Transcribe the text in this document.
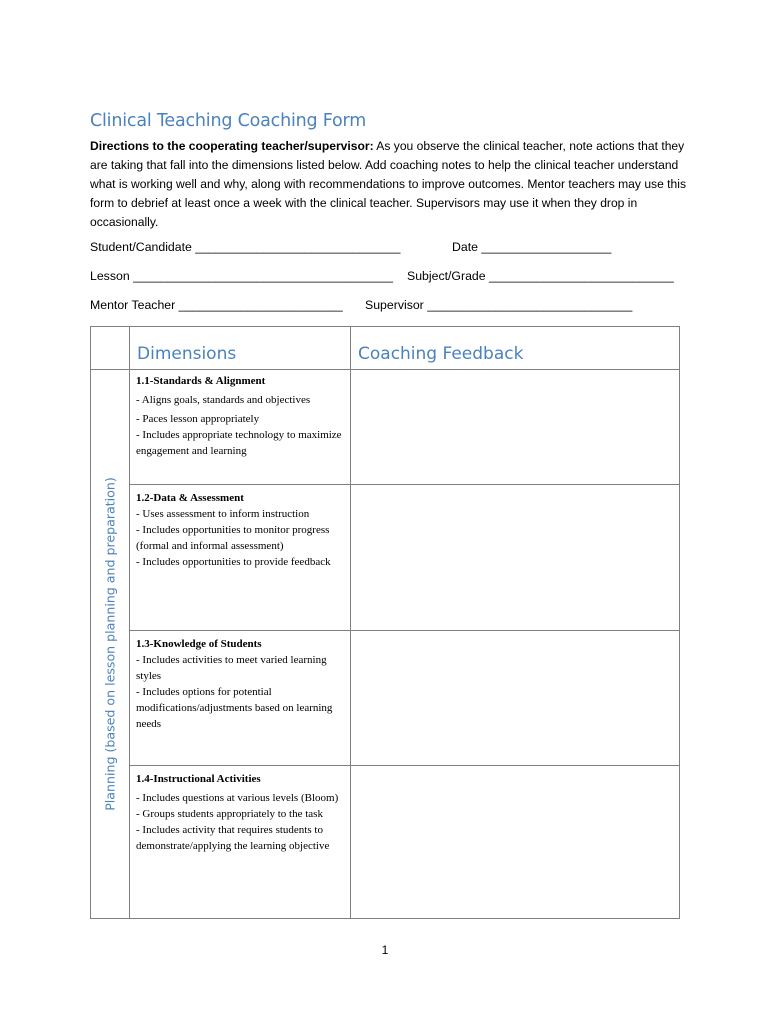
Clinical Teaching Coaching Form
Directions to the cooperating teacher/supervisor: As you observe the clinical teacher, note actions that they are taking that fall into the dimensions listed below. Add coaching notes to help the clinical teacher understand what is working well and why, along with recommendations to improve outcomes. Mentor teachers may use this form to debrief at least once a week with the clinical teacher. Supervisors may use it when they drop in occasionally.
Student/Candidate ______________________________	Date ___________________
Lesson ______________________________________ Subject/Grade ___________________________
Mentor Teacher ________________________ Supervisor ______________________________
	Dimensions	Coaching Feedback

Planning (based on lesson planning and preparation)	1.1-Standards & Alignment
- Aligns goals, standards and objectives
- Paces lesson appropriately
- Includes appropriate technology to maximize engagement and learning	

	1.2-Data & Assessment
- Uses assessment to inform instruction
- Includes opportunities to monitor progress (formal and informal assessment)
- Includes opportunities to provide feedback	

	1.3-Knowledge of Students
- Includes activities to meet varied learning styles
- Includes options for potential modifications/adjustments based on learning needs	

	1.4-Instructional Activities
- Includes questions at various levels (Bloom)
- Groups students appropriately to the task
- Includes activity that requires students to demonstrate/applying the learning objective	

1
